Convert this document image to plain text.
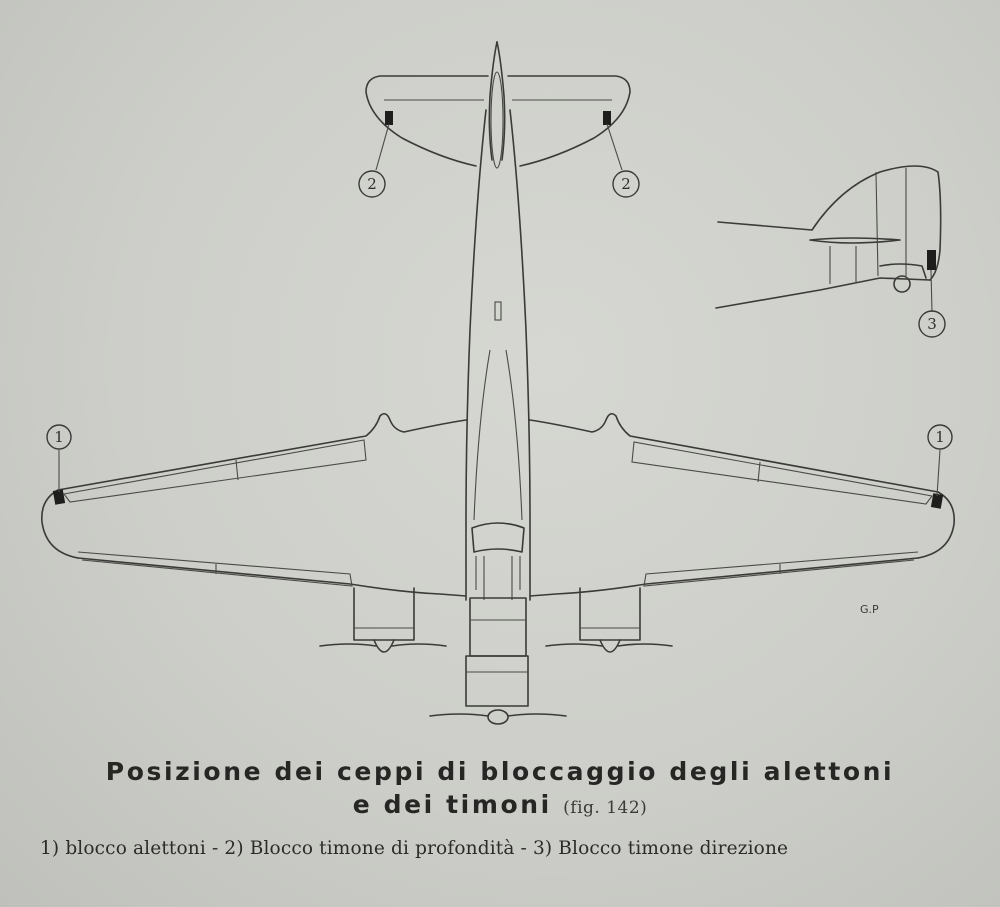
1	1
2	2
3
G.P
Posizione dei ceppi di bloccaggio degli alettoni
e dei timoni (fig. 142)
1) blocco alettoni - 2) Blocco timone di profondità - 3) Blocco timone direzione
